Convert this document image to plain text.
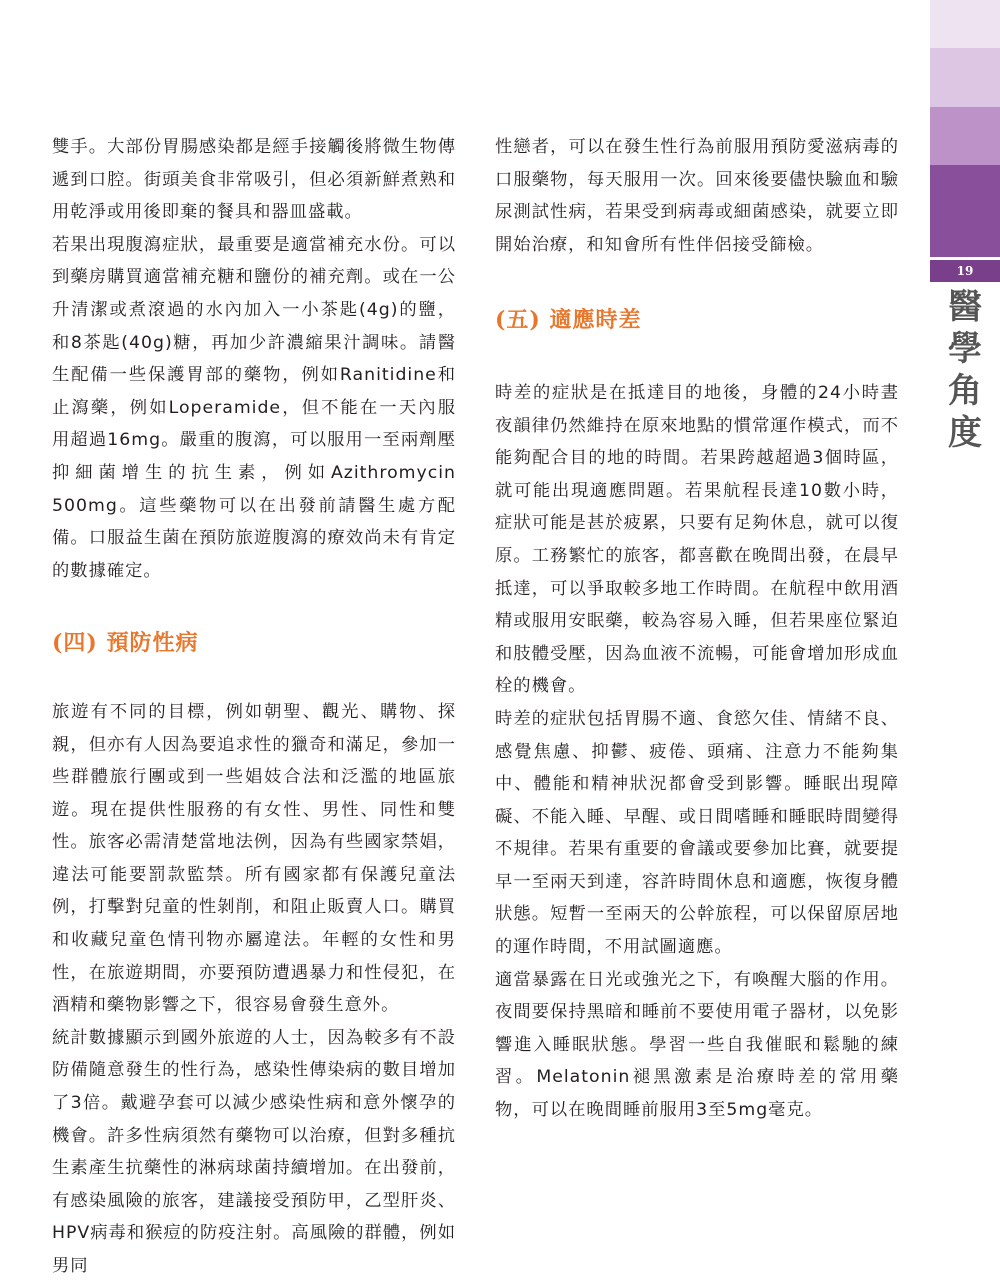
雙手。大部份胃腸感染都是經手接觸後將微生物傳遞到口腔。街頭美食非常吸引，但必須新鮮煮熟和用乾淨或用後即棄的餐具和器皿盛載。

若果出現腹瀉症狀，最重要是適當補充水份。可以到藥房購買適當補充糖和鹽份的補充劑。或在一公升清潔或煮滾過的水內加入一小茶匙(4g)的鹽，和8茶匙(40g)糖，再加少許濃縮果汁調味。請醫生配備一些保護胃部的藥物，例如Ranitidine和止瀉藥，例如Loperamide，但不能在一天內服用超過16mg。嚴重的腹瀉，可以服用一至兩劑壓抑細菌增生的抗生素，例如Azithromycin 500mg。這些藥物可以在出發前請醫生處方配備。口服益生菌在預防旅遊腹瀉的療效尚未有肯定的數據確定。

(四) 預防性病

旅遊有不同的目標，例如朝聖、觀光、購物、探親，但亦有人因為要追求性的獵奇和滿足，參加一些群體旅行團或到一些娼妓合法和泛濫的地區旅遊。現在提供性服務的有女性、男性、同性和雙性。旅客必需清楚當地法例，因為有些國家禁娼，違法可能要罰款監禁。所有國家都有保護兒童法例，打擊對兒童的性剝削，和阻止販賣人口。購買和收藏兒童色情刊物亦屬違法。年輕的女性和男性，在旅遊期間，亦要預防遭遇暴力和性侵犯，在酒精和藥物影響之下，很容易會發生意外。

統計數據顯示到國外旅遊的人士，因為較多有不設防備隨意發生的性行為，感染性傳染病的數目增加了3倍。戴避孕套可以減少感染性病和意外懷孕的機會。許多性病須然有藥物可以治療，但對多種抗生素產生抗藥性的淋病球菌持續增加。在出發前，有感染風險的旅客，建議接受預防甲，乙型肝炎、HPV病毒和猴痘的防疫注射。高風險的群體，例如男同

性戀者，可以在發生性行為前服用預防愛滋病毒的口服藥物，每天服用一次。回來後要儘快驗血和驗尿測試性病，若果受到病毒或細菌感染，就要立即開始治療，和知會所有性伴侶接受篩檢。

(五) 適應時差

時差的症狀是在抵達目的地後，身體的24小時晝夜韻律仍然維持在原來地點的慣常運作模式，而不能夠配合目的地的時間。若果跨越超過3個時區，就可能出現適應問題。若果航程長達10數小時，症狀可能是甚於疲累，只要有足夠休息，就可以復原。工務繁忙的旅客，都喜歡在晚間出發，在晨早抵達，可以爭取較多地工作時間。在航程中飲用酒精或服用安眠藥，較為容易入睡，但若果座位緊迫和肢體受壓，因為血液不流暢，可能會增加形成血栓的機會。

時差的症狀包括胃腸不適、食慾欠佳、情緒不良、感覺焦慮、抑鬱、疲倦、頭痛、注意力不能夠集中、體能和精神狀況都會受到影響。睡眠出現障礙、不能入睡、早醒、或日間嗜睡和睡眠時間變得不規律。若果有重要的會議或要參加比賽，就要提早一至兩天到達，容許時間休息和適應，恢復身體狀態。短暫一至兩天的公幹旅程，可以保留原居地的運作時間，不用試圖適應。

適當暴露在日光或強光之下，有喚醒大腦的作用。夜間要保持黑暗和睡前不要使用電子器材，以免影響進入睡眠狀態。學習一些自我催眠和鬆馳的練習。Melatonin褪黑激素是治療時差的常用藥物，可以在晚間睡前服用3至5mg毫克。

19
醫
學
角
度
